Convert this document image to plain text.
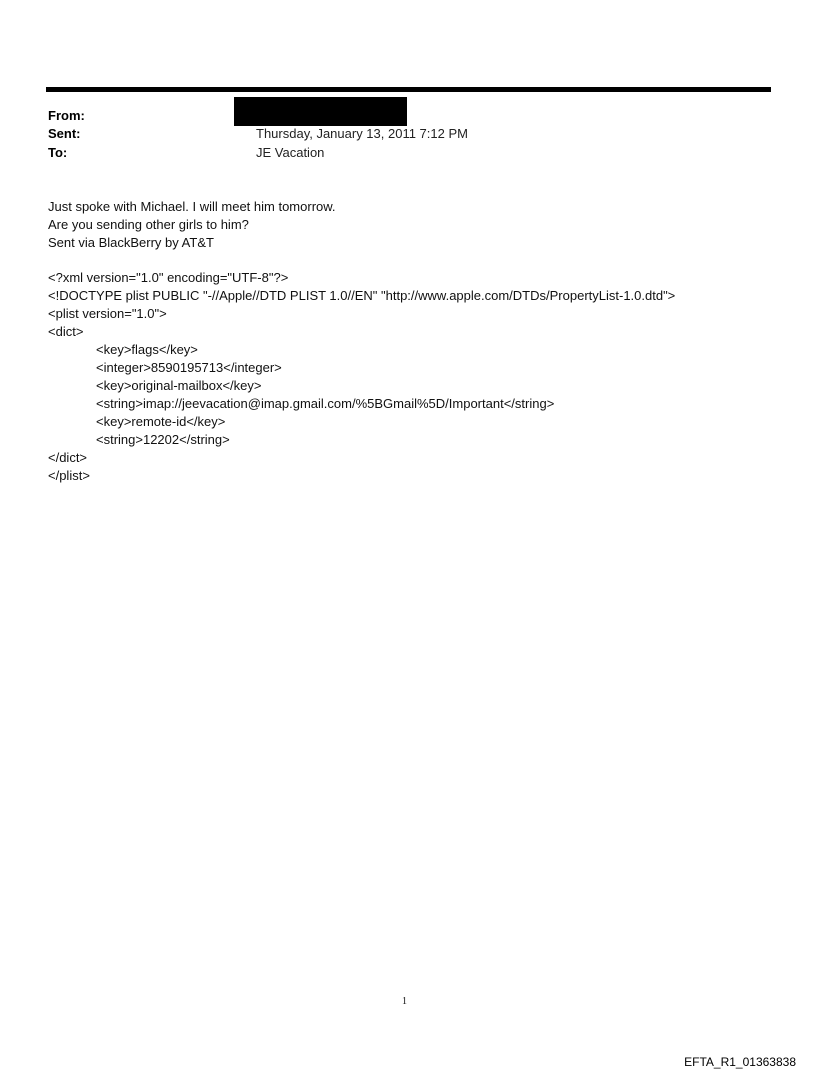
From:
Sent:	Thursday, January 13, 2011 7:12 PM
To:	JE Vacation
Just spoke with Michael. I will meet him tomorrow.
Are you sending other girls to him?
Sent via BlackBerry by AT&T
<?xml version="1.0" encoding="UTF-8"?>
<!DOCTYPE plist PUBLIC "-//Apple//DTD PLIST 1.0//EN" "http://www.apple.com/DTDs/PropertyList-1.0.dtd">
<plist version="1.0">
<dict>
<key>flags</key>
<integer>8590195713</integer>
<key>original-mailbox</key>
<string>imap://jeevacation@imap.gmail.com/%5BGmail%5D/Important</string>
<key>remote-id</key>
<string>12202</string>
</dict>
</plist>
1
EFTA_R1_01363838
